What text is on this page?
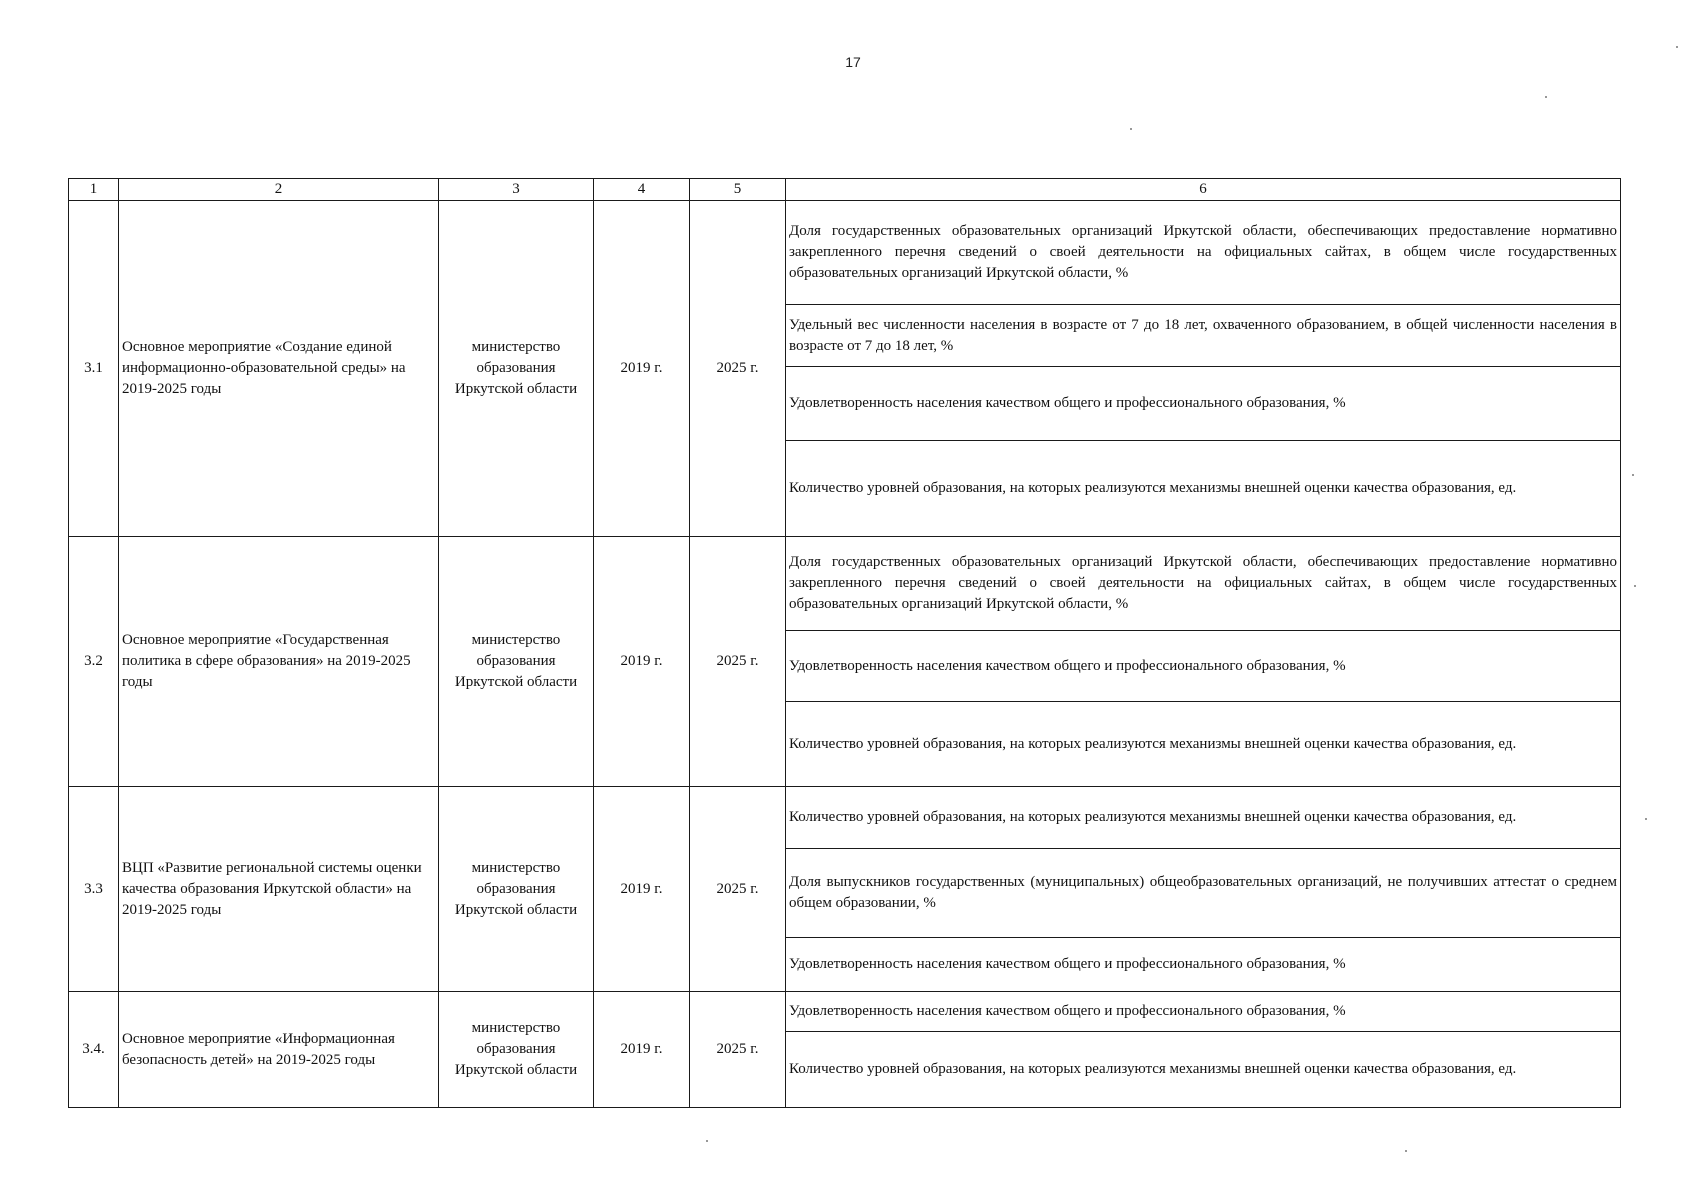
17
1	2	3	4	5	6
3.1	Основное мероприятие «Создание единой информационно-образовательной среды» на 2019-2025 годы	министерство образования Иркутской области	2019 г.	2025 г.	Доля государственных образовательных организаций Иркутской области, обеспечивающих предоставление нормативно закрепленного перечня сведений о своей деятельности на официальных сайтах, в общем числе государственных образовательных организаций Иркутской области, %

					Удельный вес численности населения в возрасте от 7 до 18 лет, охваченного образованием, в общей численности населения в возрасте от 7 до 18 лет, %

					Удовлетворенность населения качеством общего и профессионального образования, %

					Количество уровней образования, на которых реализуются механизмы внешней оценки качества образования, ед.

3.2	Основное мероприятие «Государственная политика в сфере образования» на 2019-2025 годы	министерство образования Иркутской области	2019 г.	2025 г.	Доля государственных образовательных организаций Иркутской области, обеспечивающих предоставление нормативно закрепленного перечня сведений о своей деятельности на официальных сайтах, в общем числе государственных образовательных организаций Иркутской области, %

					Удовлетворенность населения качеством общего и профессионального образования, %

					Количество уровней образования, на которых реализуются механизмы внешней оценки качества образования, ед.

3.3	ВЦП «Развитие региональной системы оценки качества образования Иркутской области» на 2019-2025 годы	министерство образования Иркутской области	2019 г.	2025 г.	Количество уровней образования, на которых реализуются механизмы внешней оценки качества образования, ед.

					Доля выпускников государственных (муниципальных) общеобразовательных организаций, не получивших аттестат о среднем общем образовании, %

					Удовлетворенность населения качеством общего и профессионального образования, %

3.4.	Основное мероприятие «Информационная безопасность детей» на 2019-2025 годы	министерство образования Иркутской области	2019 г.	2025 г.	Удовлетворенность населения качеством общего и профессионального образования, %

					Количество уровней образования, на которых реализуются механизмы внешней оценки качества образования, ед.
